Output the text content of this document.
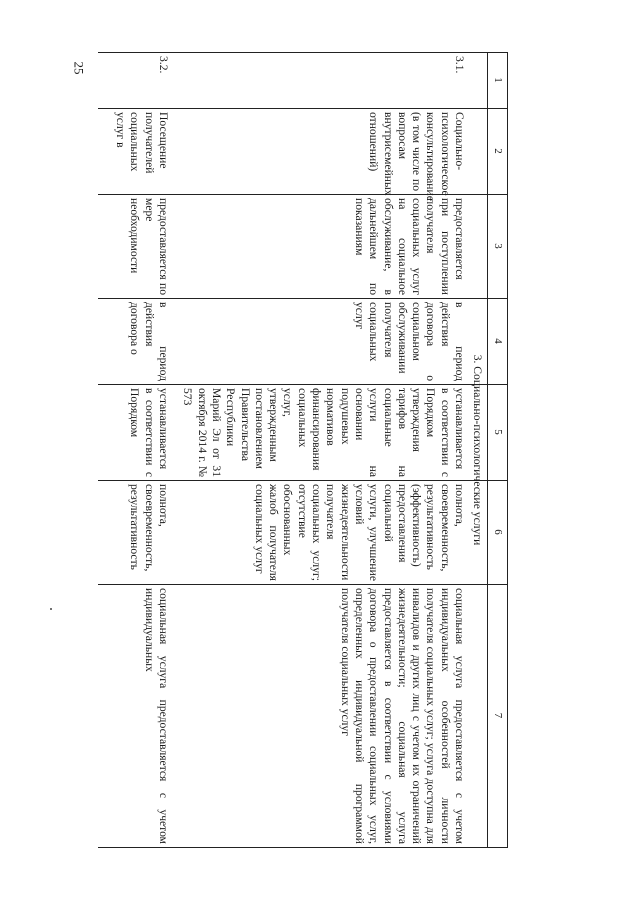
25
1
2
3
4
5
6
7
3. Социально-психологические услуги
3.1.
Социально-психологическое консультирование (в том числе по вопросам внутрисемейных отношений)
предоставляется при поступлении получателя социальных услуг на социальное обслуживание, в дальнейшем по показаниям
в период действия договора о социальном обслуживании получателя социальных услуг
устанавливается в соответствии с Порядком утверждения тарифов на социальные услуги на основании подушевых нормативов финансирования социальных услуг, утвержденным постановлением Правительства Республики Марий Эл от 31 октября 2014 г. № 573
полнота, своевременность, результативность (эффективность) предоставления социальной услуги, улучшение условий жизнедеятельности получателя социальных услуг; отсутствие обоснованных жалоб получателя социальных услуг
социальная услуга предоставляется с учетом индивидуальных особенностей личности получателя социальных услуг; услуга доступна для инвалидов и других лиц с учетом их ограничений жизнедеятельности; социальная услуга предоставляется в соответствии с условиями договора о предоставлении социальных услуг, определенных индивидуальной программой получателя социальных услуг
3.2.
Посещение получателей социальных услуг в
предоставляется по мере необходимости
в период действия договора о
устанавливается в соответствии с Порядком
полнота, своевременность, результативность
социальная услуга предоставляется с учетом индивидуальных
